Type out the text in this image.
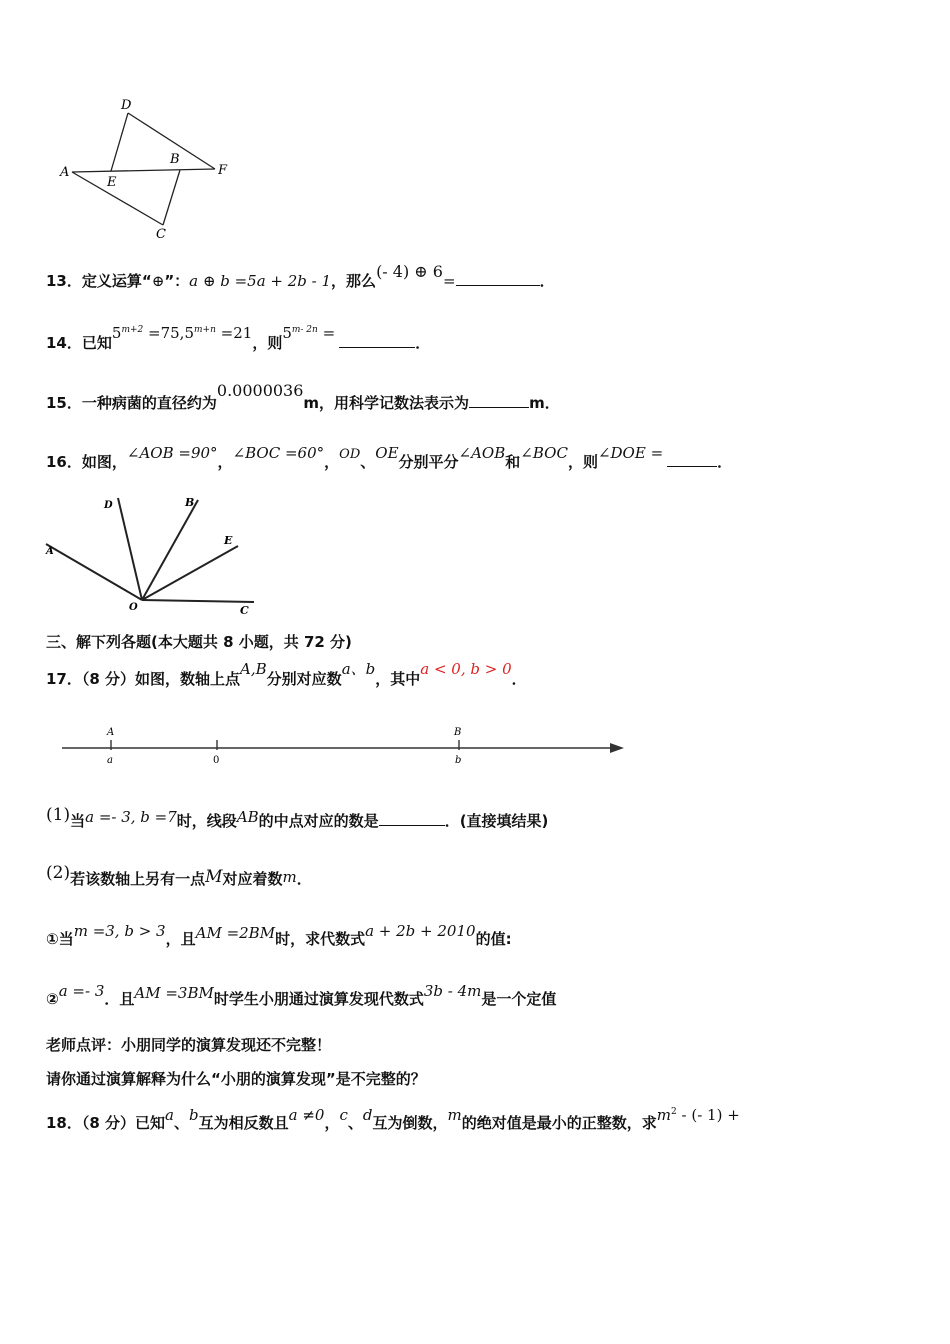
D
B
A
E
F
C
13．定义运算“⊕”：a ⊕ b =5a + 2b - 1，那么(- 4) ⊕ 6=	．
14．已知$5^{m+2} =75,5^{m+n} =21$，则$5^{m- 2n}$ =．
15．一种病菌的直径约为0.0000036m，用科学记数法表示为	m．
16．如图，∠AOB =90°，∠BOC =60°，OD、OE分别平分∠AOB和∠BOC，则∠DOE =	．
D	B
E
A
O	C
三、解下列各题(本大题共 8 小题，共 72 分)
17．（8 分）如图，数轴上点A,B分别对应数a、b，其中a < 0, b > 0．
A
a	0
B
b
(1)当a =- 3, b =7时，线段AB的中点对应的数是	．(直接填结果)
(2)若该数轴上另有一点M对应着数m．
①当m =3, b > 3，且AM =2BM时，求代数式a + 2b + 2010的值:
②a =- 3．且AM =3BM时学生小朋通过演算发现代数式3b - 4m是一个定值
老师点评：小朋同学的演算发现还不完整！
请你通过演算解释为什么“小朋的演算发现”是不完整的？
18．（8 分）已知a、b互为相反数且a ≠0，c、d互为倒数，m的绝对值是最小的正整数，求$m^2$ - (- 1) +
